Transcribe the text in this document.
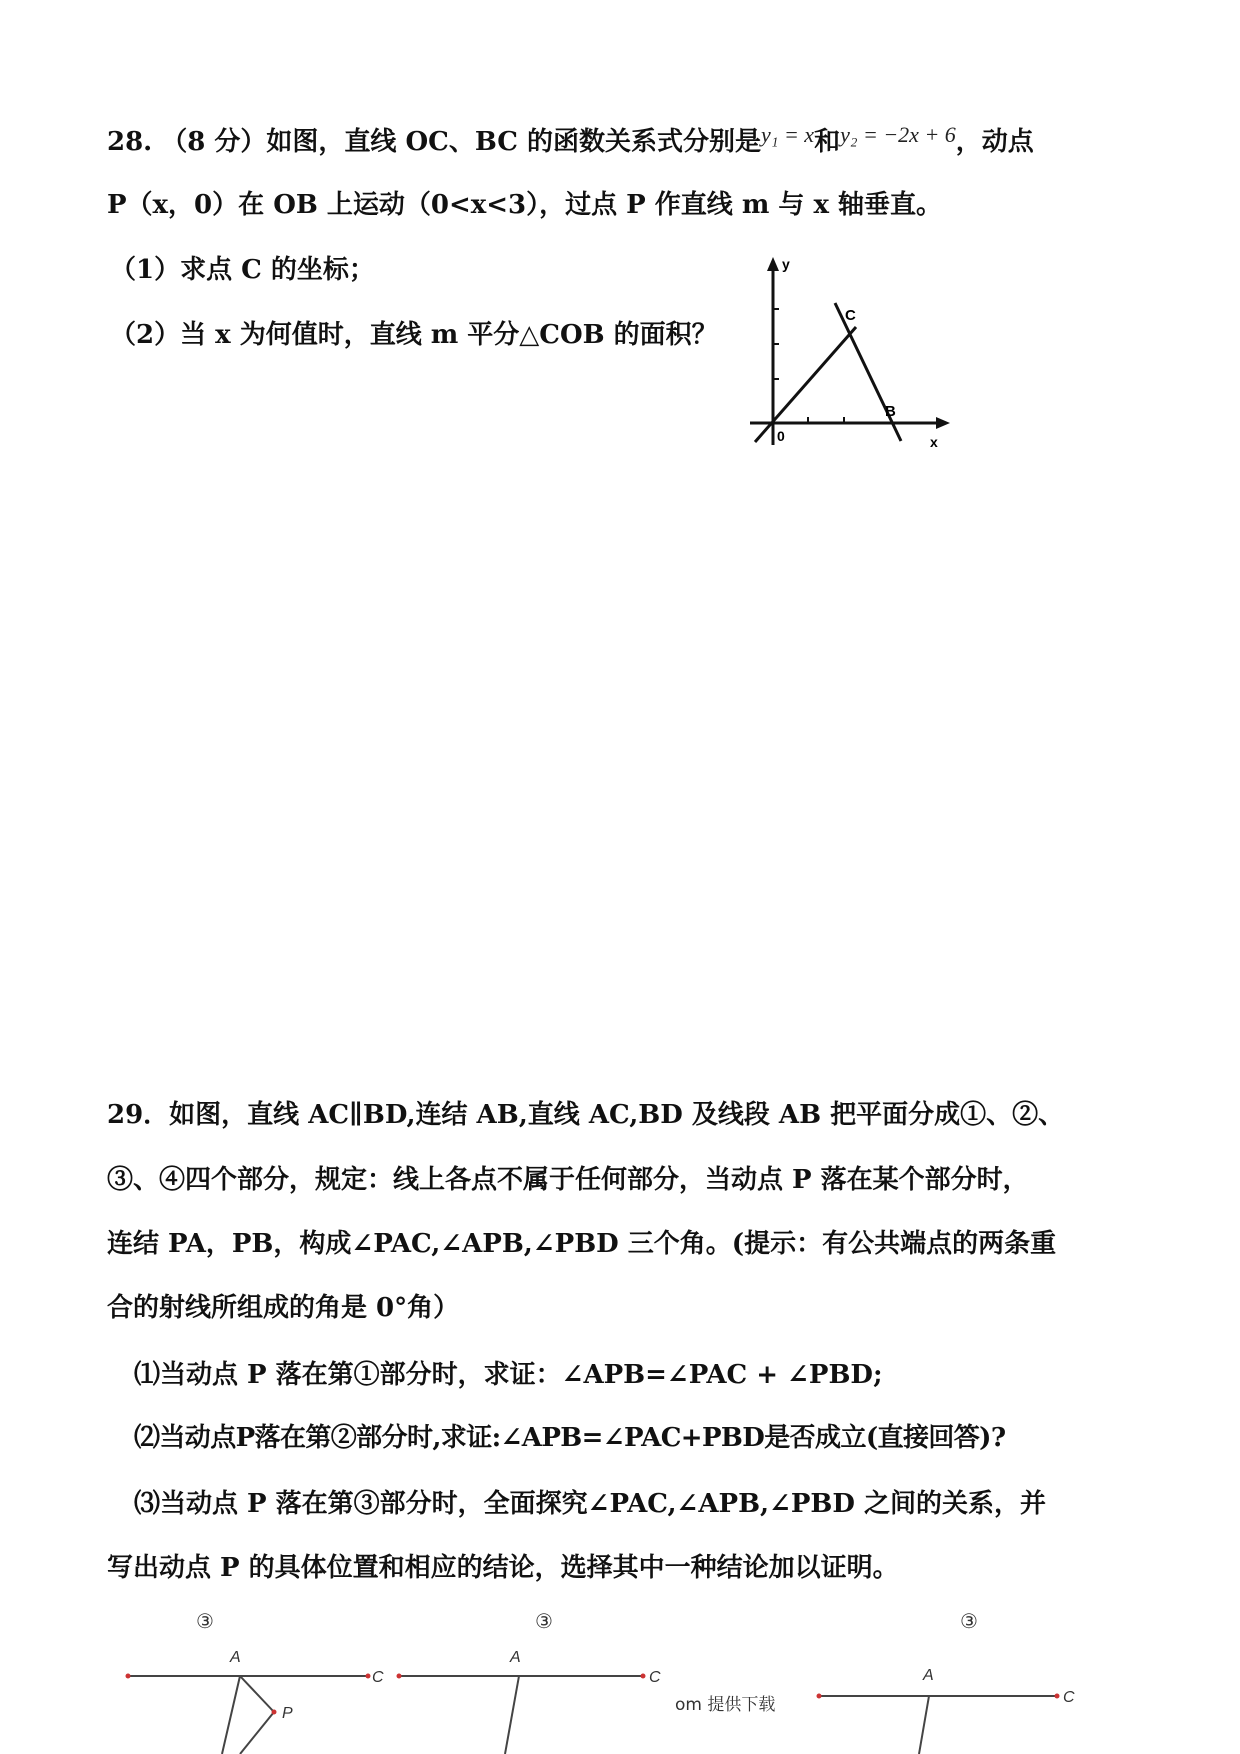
28. （8 分）如图，直线 OC、BC 的函数关系式分别是$^{y_1 = x}$和$^{y_2 = -2x + 6}$，动点
P（x，0）在 OB 上运动（0<x<3），过点 P 作直线 m 与 x 轴垂直。
（1）求点 C 的坐标；
（2）当 x 为何值时，直线 m 平分△COB 的面积？
y
x
0
C
B
29．如图，直线 AC∥BD,连结 AB,直线 AC,BD 及线段 AB 把平面分成①、②、
③、④四个部分，规定：线上各点不属于任何部分，当动点 P 落在某个部分时，
连结 PA，PB，构成∠PAC,∠APB,∠PBD 三个角。(提示：有公共端点的两条重
合的射线所组成的角是 0°角）
⑴当动点 P 落在第①部分时，求证：∠APB=∠PAC + ∠PBD;
⑵当动点P落在第②部分时,求证:∠APB=∠PAC+PBD是否成立(直接回答)?
⑶当动点 P 落在第③部分时，全面探究∠PAC,∠APB,∠PBD 之间的关系，并
写出动点 P 的具体位置和相应的结论，选择其中一种结论加以证明。
③
A
C
P
③
A
C
③
A
C
om 提供下载
